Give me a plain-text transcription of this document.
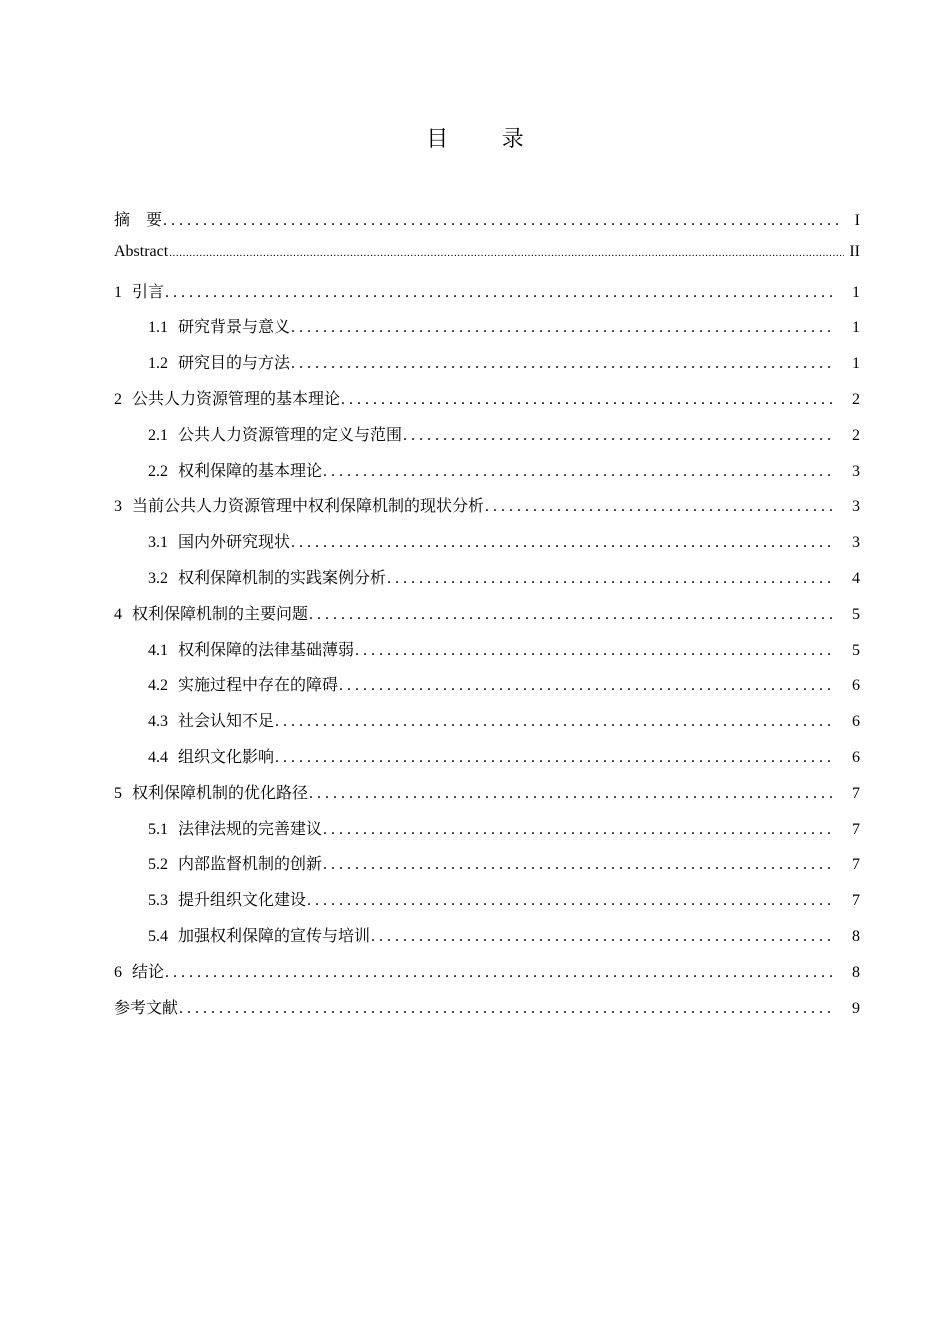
目 录
摘　要 . . .	I
Abstract .....	II
1 引言 . . .	1
1.1 研究背景与意义 . . .	1
1.2 研究目的与方法 . . .	1
2 公共人力资源管理的基本理论 . . .	2
2.1 公共人力资源管理的定义与范围 . . .	2
2.2 权利保障的基本理论 . . .	3
3 当前公共人力资源管理中权利保障机制的现状分析 . . .	3
3.1 国内外研究现状 . . .	3
3.2 权利保障机制的实践案例分析 . . .	4
4 权利保障机制的主要问题 . . .	5
4.1 权利保障的法律基础薄弱 . . .	5
4.2 实施过程中存在的障碍 . . .	6
4.3 社会认知不足 . . .	6
4.4 组织文化影响 . . .	6
5 权利保障机制的优化路径 . . .	7
5.1 法律法规的完善建议 . . .	7
5.2 内部监督机制的创新 . . .	7
5.3 提升组织文化建设 . . .	7
5.4 加强权利保障的宣传与培训 . . .	8
6 结论 . . .	8
参考文献 . . .	9
